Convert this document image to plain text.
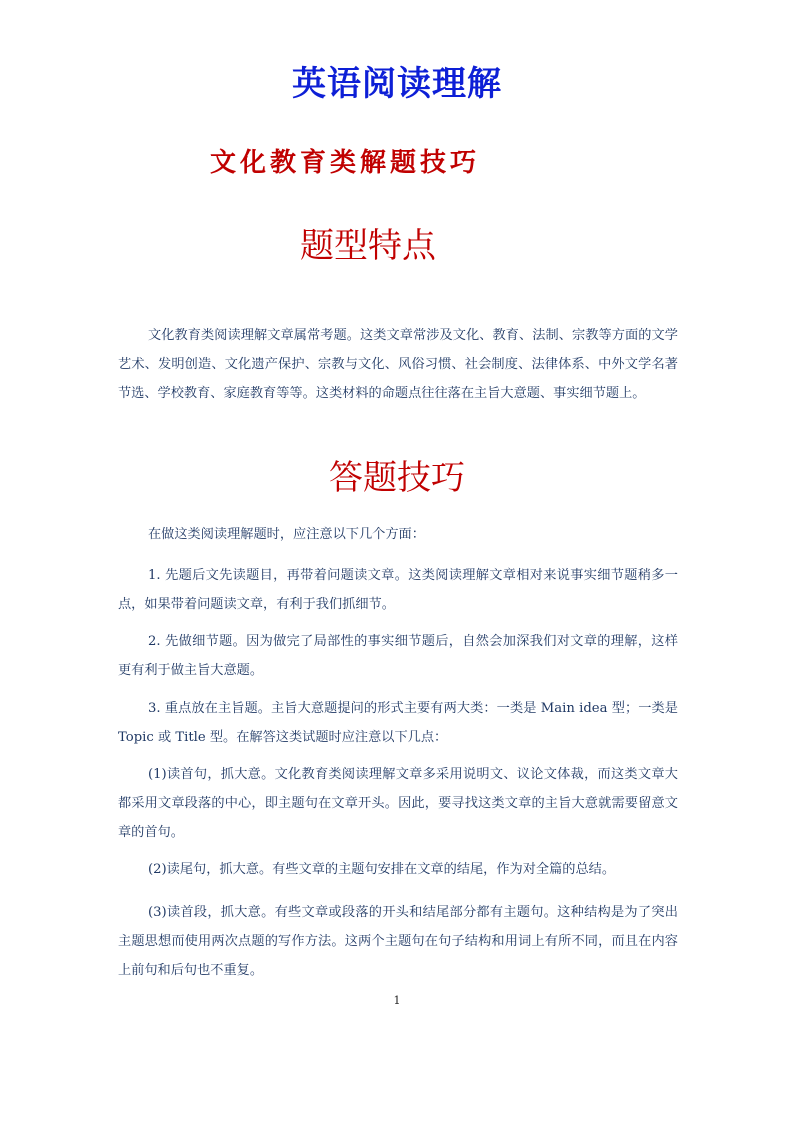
英语阅读理解
文化教育类解题技巧
题型特点
文化教育类阅读理解文章属常考题。这类文章常涉及文化、教育、法制、宗教等方面的文学艺术、发明创造、文化遗产保护、宗教与文化、风俗习惯、社会制度、法律体系、中外文学名著节选、学校教育、家庭教育等等。这类材料的命题点往往落在主旨大意题、事实细节题上。
答题技巧
在做这类阅读理解题时，应注意以下几个方面：
1. 先题后文先读题目，再带着问题读文章。这类阅读理解文章相对来说事实细节题稍多一点，如果带着问题读文章，有利于我们抓细节。
2. 先做细节题。因为做完了局部性的事实细节题后，自然会加深我们对文章的理解，这样更有利于做主旨大意题。
3. 重点放在主旨题。主旨大意题提问的形式主要有两大类：一类是 Main idea 型；一类是 Topic 或 Title 型。在解答这类试题时应注意以下几点：
(1)读首句，抓大意。文化教育类阅读理解文章多采用说明文、议论文体裁，而这类文章大都采用文章段落的中心，即主题句在文章开头。因此，要寻找这类文章的主旨大意就需要留意文章的首句。
(2)读尾句，抓大意。有些文章的主题句安排在文章的结尾，作为对全篇的总结。
(3)读首段，抓大意。有些文章或段落的开头和结尾部分都有主题句。这种结构是为了突出主题思想而使用两次点题的写作方法。这两个主题句在句子结构和用词上有所不同，而且在内容上前句和后句也不重复。
1
